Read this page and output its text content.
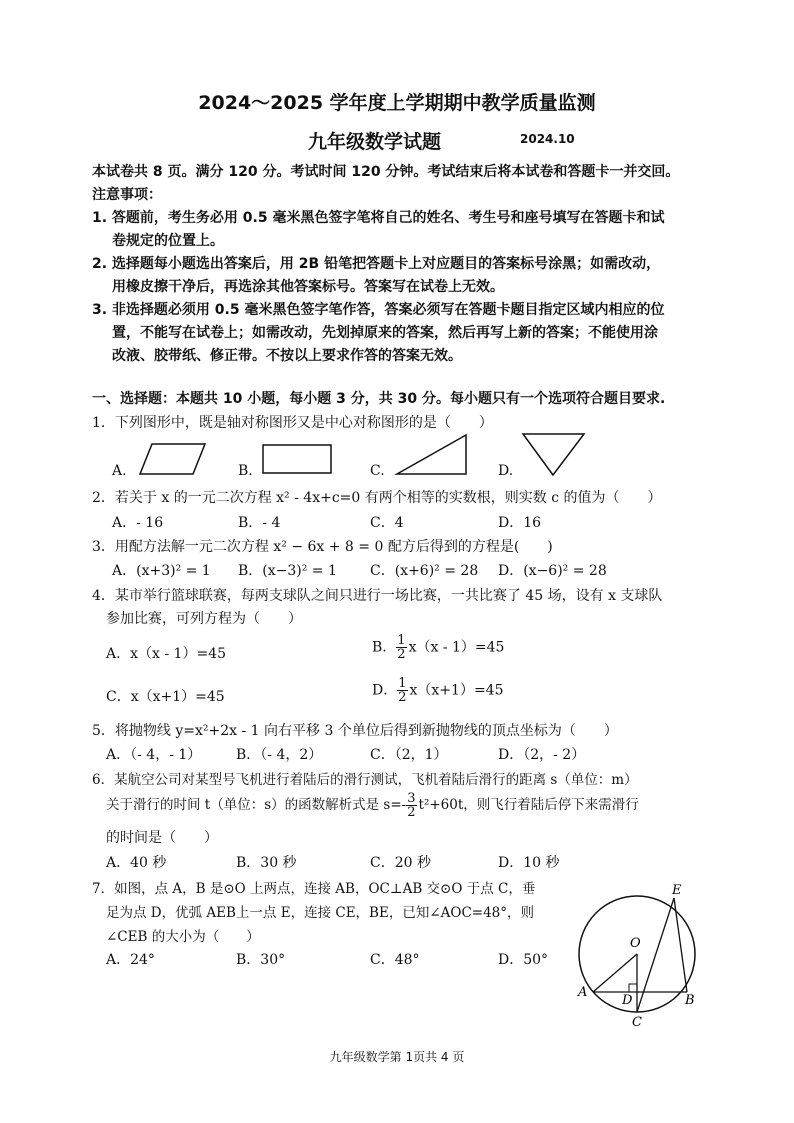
2024～2025 学年度上学期期中教学质量监测
九年级数学试题	2024.10
本试卷共 8 页。满分 120 分。考试时间 120 分钟。考试结束后将本试卷和答题卡一并交回。
注意事项：
1. 答题前，考生务必用 0.5 毫米黑色签字笔将自己的姓名、考生号和座号填写在答题卡和试
卷规定的位置上。
2. 选择题每小题选出答案后，用 2B 铅笔把答题卡上对应题目的答案标号涂黑；如需改动，
用橡皮擦干净后，再选涂其他答案标号。答案写在试卷上无效。
3. 非选择题必须用 0.5 毫米黑色签字笔作答，答案必须写在答题卡题目指定区域内相应的位
置，不能写在试卷上；如需改动，先划掉原来的答案，然后再写上新的答案；不能使用涂
改液、胶带纸、修正带。不按以上要求作答的答案无效。
一、选择题：本题共 10 小题，每小题 3 分，共 30 分。每小题只有一个选项符合题目要求.
1．下列图形中，既是轴对称图形又是中心对称图形的是（　　）
A.	B.	C.	D.
2．若关于 x 的一元二次方程 x² - 4x+c=0 有两个相等的实数根，则实数 c 的值为（　　）
A．- 16	B．- 4	C．4	D．16
3．用配方法解一元二次方程 x² − 6x + 8 = 0 配方后得到的方程是(　　)
A．(x+3)² = 1 B．(x−3)² = 1 C．(x+6)² = 28 D．(x−6)² = 28
4．某市举行篮球联赛，每两支球队之间只进行一场比赛，一共比赛了 45 场，设有 x 支球队
参加比赛，可列方程为（　　）
A．x（x - 1）=45	B． $\frac{1}{2} x(x - 1)=45$
C．x（x+1）=45	D． $\frac{1}{2} x(x+1)=45$
5．将抛物线 y=x²+2x - 1 向右平移 3 个单位后得到新抛物线的顶点坐标为（　　）
A．（- 4，- 1） B．（- 4，2）	C．（2，1）	D．（2，- 2）
6．某航空公司对某型号飞机进行着陆后的滑行测试，飞机着陆后滑行的距离 s（单位：m）
关于滑行的时间 t（单位：s）的函数解析式是 $s=- \frac{3}{2} t^2+60t$，则飞行着陆后停下来需滑行
的时间是（　　）
A．40 秒	B．30 秒	C．20 秒	D．10 秒
7．如图，点 A，B 是⊙O 上两点，连接 AB，OC⊥AB 交⊙O 于点 C，垂
足为点 D，优弧 AEB上一点 E，连接 CE，BE，已知∠AOC=48°，则
∠CEB 的大小为（　　）
A．24°	B．30°	C．48°	D．50°
E
O
A
D	B
C
九年级数学第 1页共 4 页
